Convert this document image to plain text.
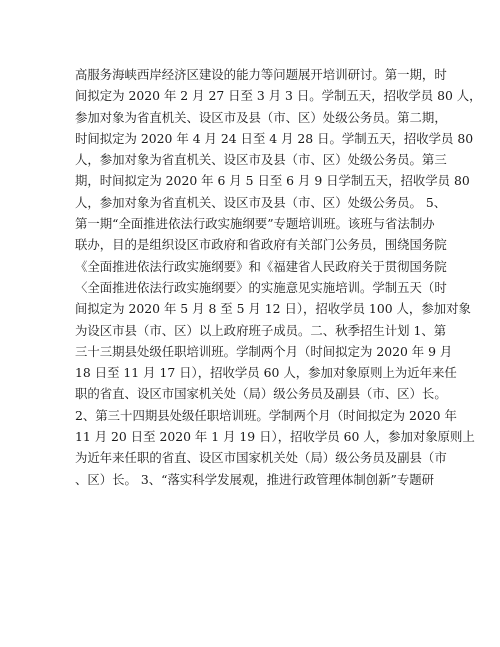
高服务海峡西岸经济区建设的能力等问题展开培训研讨。第一期，时
间拟定为 2020 年 2 月 27 日至 3 月 3 日。学制五天，招收学员 80 人，
参加对象为省直机关、设区市及县（市、区）处级公务员。第二期，
时间拟定为 2020 年 4 月 24 日至 4 月 28 日。学制五天，招收学员 80
人，参加对象为省直机关、设区市及县（市、区）处级公务员。第三
期，时间拟定为 2020 年 6 月 5 日至 6 月 9 日学制五天，招收学员 80
人，参加对象为省直机关、设区市及县（市、区）处级公务员。 5、
第一期“全面推进依法行政实施纲要”专题培训班。该班与省法制办
联办，目的是组织设区市政府和省政府有关部门公务员，围绕国务院
《全面推进依法行政实施纲要》和《福建省人民政府关于贯彻国务院
〈全面推进依法行政实施纲要〉的实施意见实施培训。学制五天（时
间拟定为 2020 年 5 月 8 至 5 月 12 日），招收学员 100 人，参加对象
为设区市县（市、区）以上政府班子成员。二、秋季招生计划 1、第
三十三期县处级任职培训班。学制两个月（时间拟定为 2020 年 9 月
18 日至 11 月 17 日），招收学员 60 人，参加对象原则上为近年来任
职的省直、设区市国家机关处（局）级公务员及副县（市、区）长。
2、第三十四期县处级任职培训班。学制两个月（时间拟定为 2020 年
11 月 20 日至 2020 年 1 月 19 日），招收学员 60 人，参加对象原则上
为近年来任职的省直、设区市国家机关处（局）级公务员及副县（市
、区）长。 3、“落实科学发展观，推进行政管理体制创新”专题研
